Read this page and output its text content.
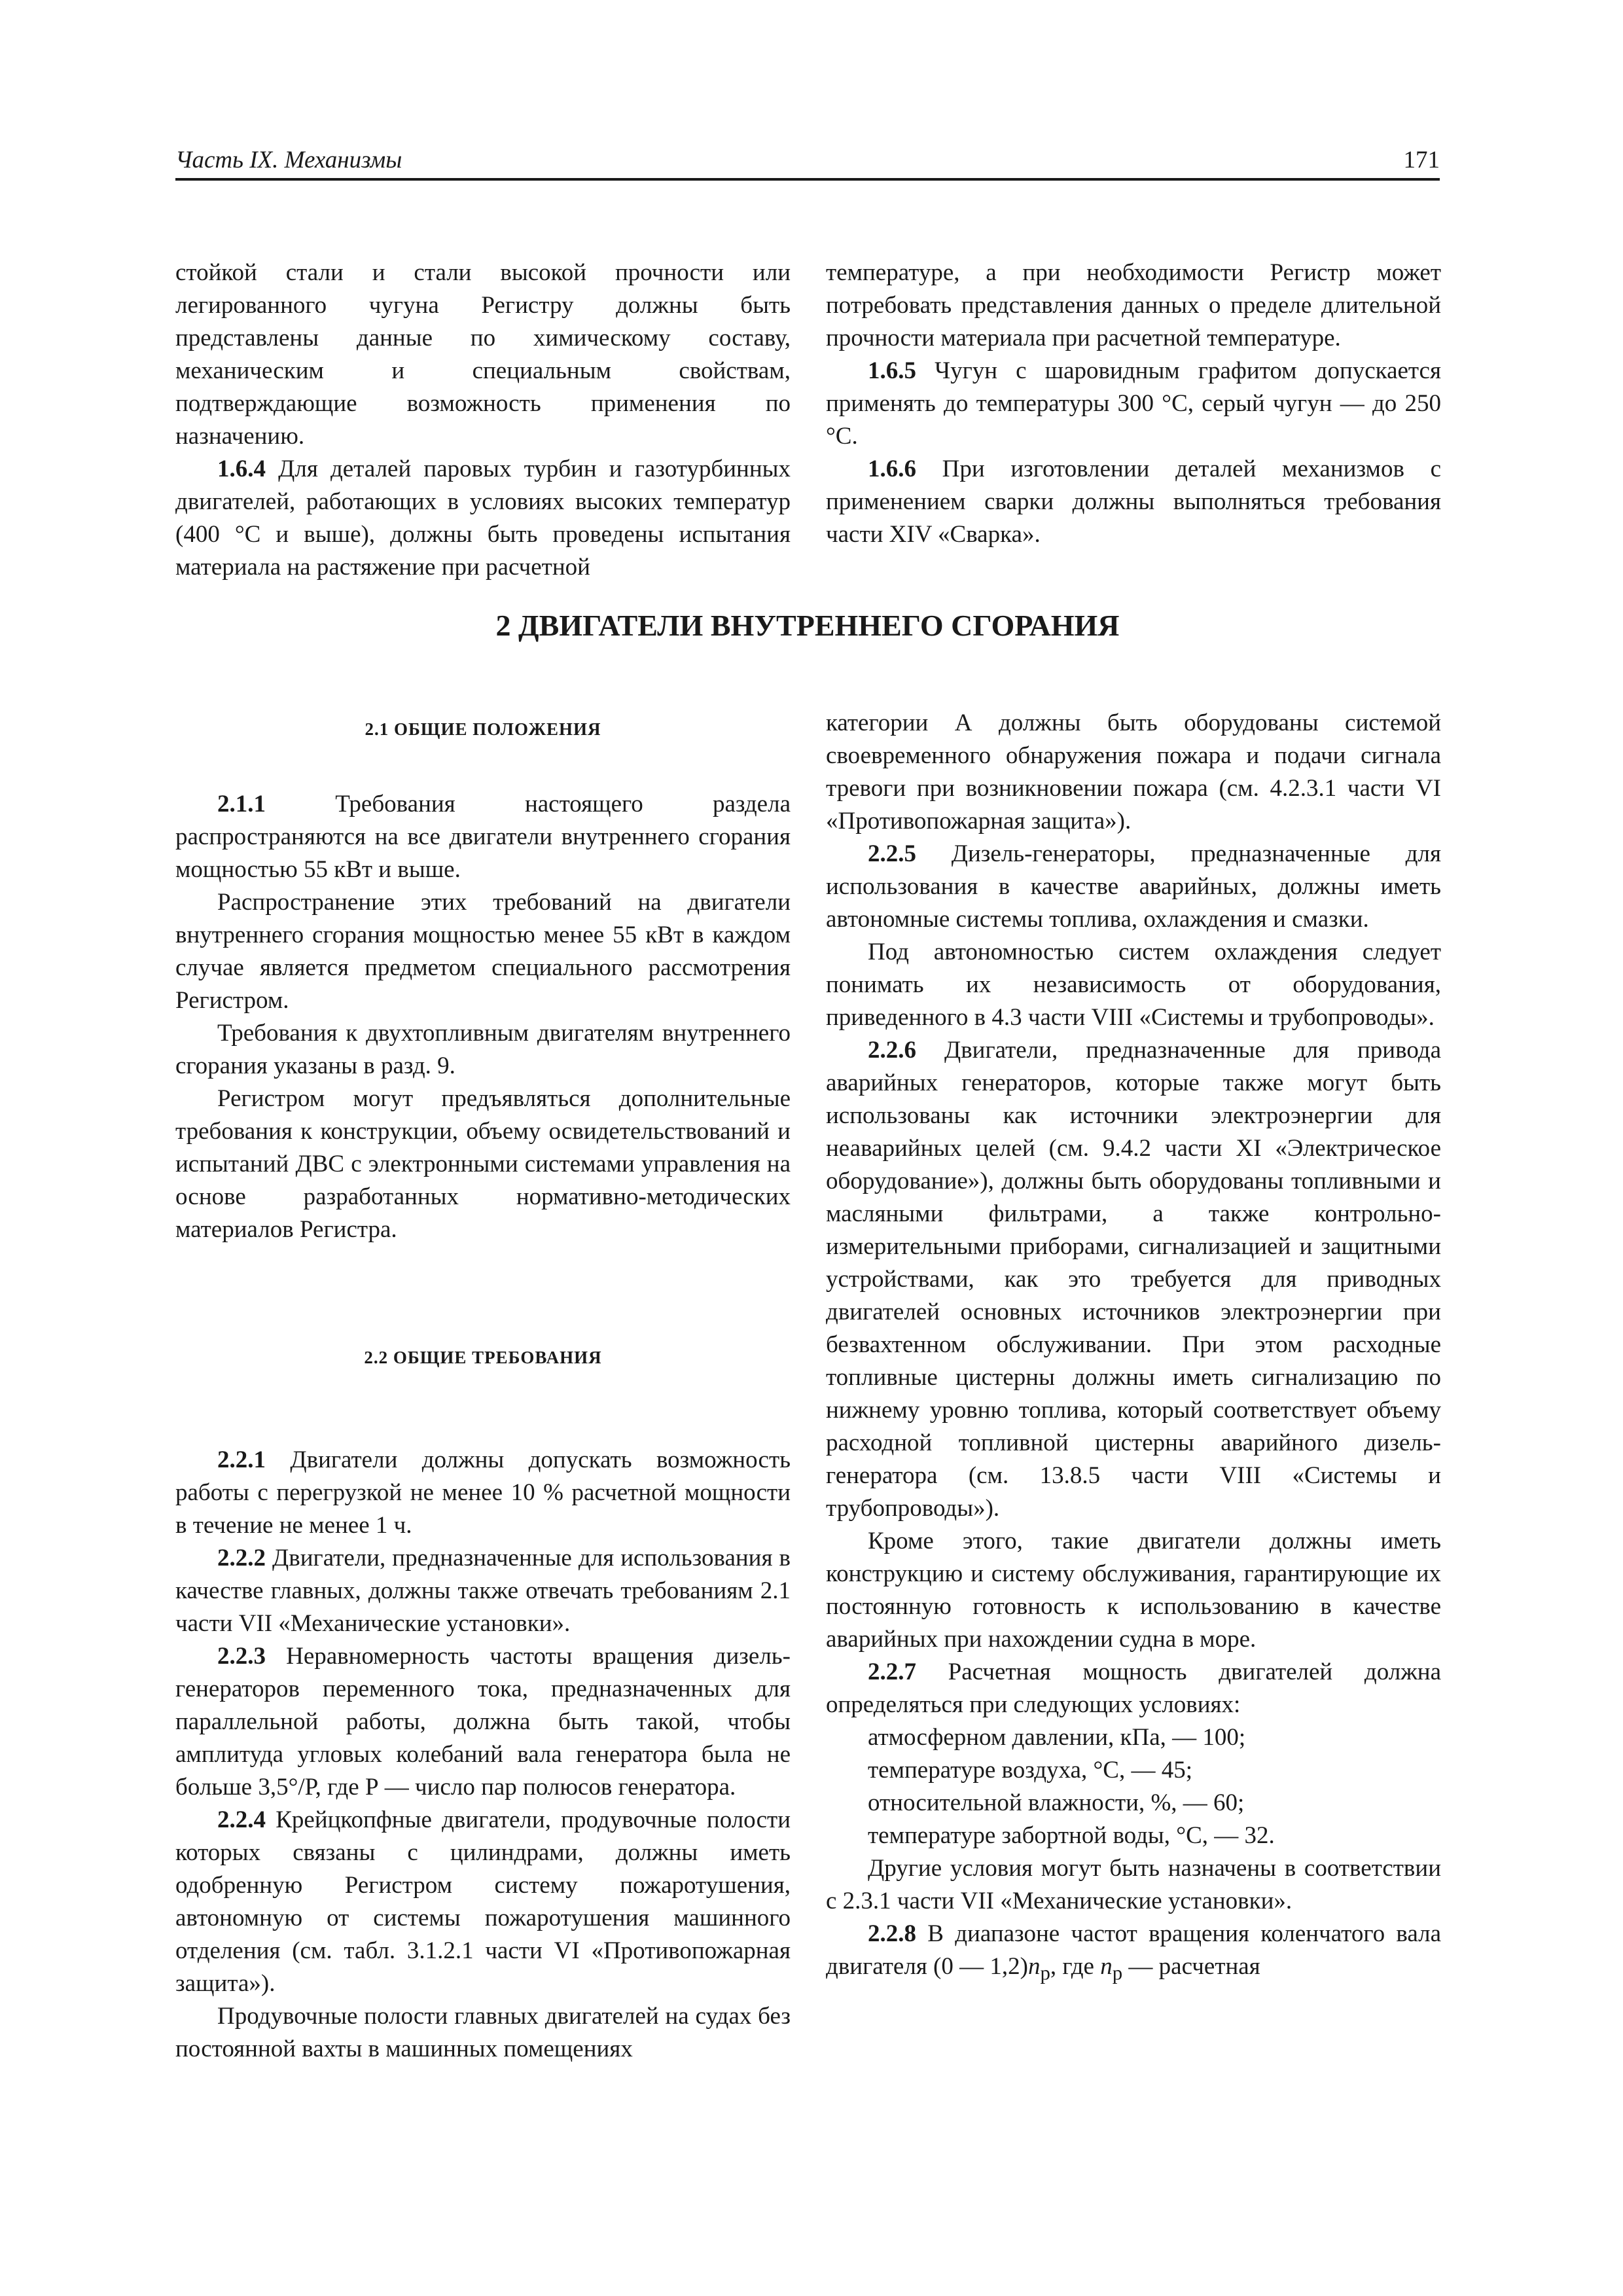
Часть IX. Механизмы	171

стойкой стали и стали высокой прочности или легированного чугуна Регистру должны быть представлены данные по химическому составу, механическим и специальным свойствам, подтверждающие возможность применения по назначению.

1.6.4 Для деталей паровых турбин и газотурбинных двигателей, работающих в условиях высоких температур (400 °С и выше), должны быть проведены испытания материала на растяжение при расчетной

температуре, а при необходимости Регистр может потребовать представления данных о пределе длительной прочности материала при расчетной температуре.

1.6.5 Чугун с шаровидным графитом допускается применять до температуры 300 °С, серый чугун — до 250 °С.

1.6.6 При изготовлении деталей механизмов с применением сварки должны выполняться требования части XIV «Сварка».

2 ДВИГАТЕЛИ ВНУТРЕННЕГО СГОРАНИЯ

2.1 ОБЩИЕ ПОЛОЖЕНИЯ

2.1.1 Требования настоящего раздела распространяются на все двигатели внутреннего сгорания мощностью 55 кВт и выше.

Распространение этих требований на двигатели внутреннего сгорания мощностью менее 55 кВт в каждом случае является предметом специального рассмотрения Регистром.

Требования к двухтопливным двигателям внутреннего сгорания указаны в разд. 9.

Регистром могут предъявляться дополнительные требования к конструкции, объему освидетельствований и испытаний ДВС с электронными системами управления на основе разработанных нормативно-методических материалов Регистра.

2.2 ОБЩИЕ ТРЕБОВАНИЯ

2.2.1 Двигатели должны допускать возможность работы с перегрузкой не менее 10 % расчетной мощности в течение не менее 1 ч.

2.2.2 Двигатели, предназначенные для использования в качестве главных, должны также отвечать требованиям 2.1 части VII «Механические установки».

2.2.3 Неравномерность частоты вращения дизель-генераторов переменного тока, предназначенных для параллельной работы, должна быть такой, чтобы амплитуда угловых колебаний вала генератора была не больше 3,5°/Р, где Р — число пар полюсов генератора.

2.2.4 Крейцкопфные двигатели, продувочные полости которых связаны с цилиндрами, должны иметь одобренную Регистром систему пожаротушения, автономную от системы пожаротушения машинного отделения (см. табл. 3.1.2.1 части VI «Противопожарная защита»).

Продувочные полости главных двигателей на судах без постоянной вахты в машинных помещениях

категории А должны быть оборудованы системой своевременного обнаружения пожара и подачи сигнала тревоги при возникновении пожара (см. 4.2.3.1 части VI «Противопожарная защита»).

2.2.5 Дизель-генераторы, предназначенные для использования в качестве аварийных, должны иметь автономные системы топлива, охлаждения и смазки.

Под автономностью систем охлаждения следует понимать их независимость от оборудования, приведенного в 4.3 части VIII «Системы и трубопроводы».

2.2.6 Двигатели, предназначенные для привода аварийных генераторов, которые также могут быть использованы как источники электроэнергии для неаварийных целей (см. 9.4.2 части XI «Электрическое оборудование»), должны быть оборудованы топливными и масляными фильтрами, а также контрольно-измерительными приборами, сигнализацией и защитными устройствами, как это требуется для приводных двигателей основных источников электроэнергии при безвахтенном обслуживании. При этом расходные топливные цистерны должны иметь сигнализацию по нижнему уровню топлива, который соответствует объему расходной топливной цистерны аварийного дизель-генератора (см. 13.8.5 части VIII «Системы и трубопроводы»).

Кроме этого, такие двигатели должны иметь конструкцию и систему обслуживания, гарантирующие их постоянную готовность к использованию в качестве аварийных при нахождении судна в море.

2.2.7 Расчетная мощность двигателей должна определяться при следующих условиях:

атмосферном давлении, кПа, — 100;

температуре воздуха, °С, — 45;

относительной влажности, %, — 60;

температуре забортной воды, °С, — 32.

Другие условия могут быть назначены в соответствии с 2.3.1 части VII «Механические установки».

2.2.8 В диапазоне частот вращения коленчатого вала двигателя (0 — $1,2)n_р$, где $n_р$ — расчетная
